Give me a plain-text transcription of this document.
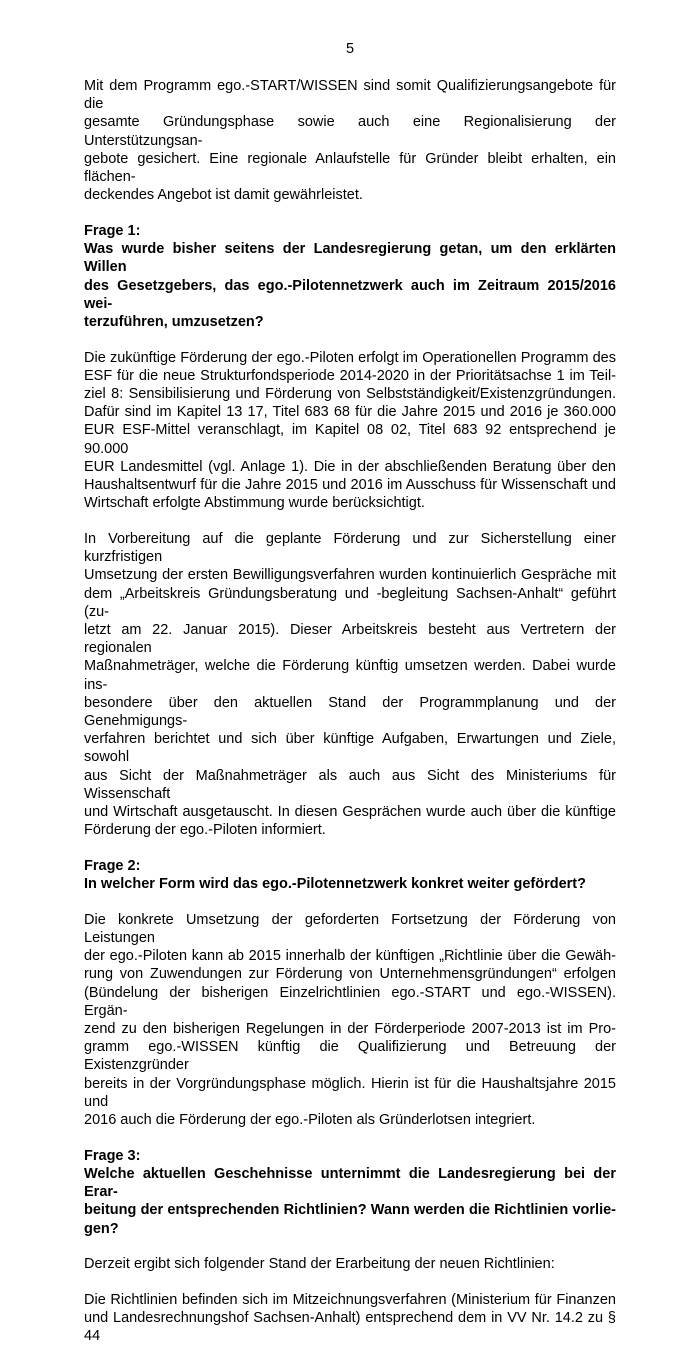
5

Mit dem Programm ego.-START/WISSEN sind somit Qualifizierungsangebote für die

gesamte Gründungsphase sowie auch eine Regionalisierung der Unterstützungsan-

gebote gesichert. Eine regionale Anlaufstelle für Gründer bleibt erhalten, ein flächen-

deckendes Angebot ist damit gewährleistet.

Frage 1:

Was wurde bisher seitens der Landesregierung getan, um den erklärten Willen

des Gesetzgebers, das ego.-Pilotennetzwerk auch im Zeitraum 2015/2016 wei-

terzuführen, umzusetzen?

Die zukünftige Förderung der ego.-Piloten erfolgt im Operationellen Programm des

ESF für die neue Strukturfondsperiode 2014-2020 in der Prioritätsachse 1 im Teil-

ziel 8: Sensibilisierung und Förderung von Selbstständigkeit/Existenzgründungen.

Dafür sind im Kapitel 13 17, Titel 683 68 für die Jahre 2015 und 2016 je 360.000

EUR ESF-Mittel veranschlagt, im Kapitel 08 02, Titel 683 92 entsprechend je 90.000

EUR Landesmittel (vgl. Anlage 1). Die in der abschließenden Beratung über den

Haushaltsentwurf für die Jahre 2015 und 2016 im Ausschuss für Wissenschaft und

Wirtschaft erfolgte Abstimmung wurde berücksichtigt.

In Vorbereitung auf die geplante Förderung und zur Sicherstellung einer kurzfristigen

Umsetzung der ersten Bewilligungsverfahren wurden kontinuierlich Gespräche mit

dem „Arbeitskreis Gründungsberatung und -begleitung Sachsen-Anhalt“ geführt (zu-

letzt am 22. Januar 2015). Dieser Arbeitskreis besteht aus Vertretern der regionalen

Maßnahmeträger, welche die Förderung künftig umsetzen werden. Dabei wurde ins-

besondere über den aktuellen Stand der Programmplanung und der Genehmigungs-

verfahren berichtet und sich über künftige Aufgaben, Erwartungen und Ziele, sowohl

aus Sicht der Maßnahmeträger als auch aus Sicht des Ministeriums für Wissenschaft

und Wirtschaft ausgetauscht. In diesen Gesprächen wurde auch über die künftige

Förderung der ego.-Piloten informiert.

Frage 2:

In welcher Form wird das ego.-Pilotennetzwerk konkret weiter gefördert?

Die konkrete Umsetzung der geforderten Fortsetzung der Förderung von Leistungen

der ego.-Piloten kann ab 2015 innerhalb der künftigen „Richtlinie über die Gewäh-

rung von Zuwendungen zur Förderung von Unternehmensgründungen“ erfolgen

(Bündelung der bisherigen Einzelrichtlinien ego.-START und ego.-WISSEN). Ergän-

zend zu den bisherigen Regelungen in der Förderperiode 2007-2013 ist im Pro-

gramm ego.-WISSEN künftig die Qualifizierung und Betreuung der Existenzgründer

bereits in der Vorgründungsphase möglich. Hierin ist für die Haushaltsjahre 2015 und

2016 auch die Förderung der ego.-Piloten als Gründerlotsen integriert.

Frage 3:

Welche aktuellen Geschehnisse unternimmt die Landesregierung bei der Erar-

beitung der entsprechenden Richtlinien? Wann werden die Richtlinien vorlie-

gen?

Derzeit ergibt sich folgender Stand der Erarbeitung der neuen Richtlinien:

Die Richtlinien befinden sich im Mitzeichnungsverfahren (Ministerium für Finanzen

und Landesrechnungshof Sachsen-Anhalt) entsprechend dem in VV Nr. 14.2 zu § 44
